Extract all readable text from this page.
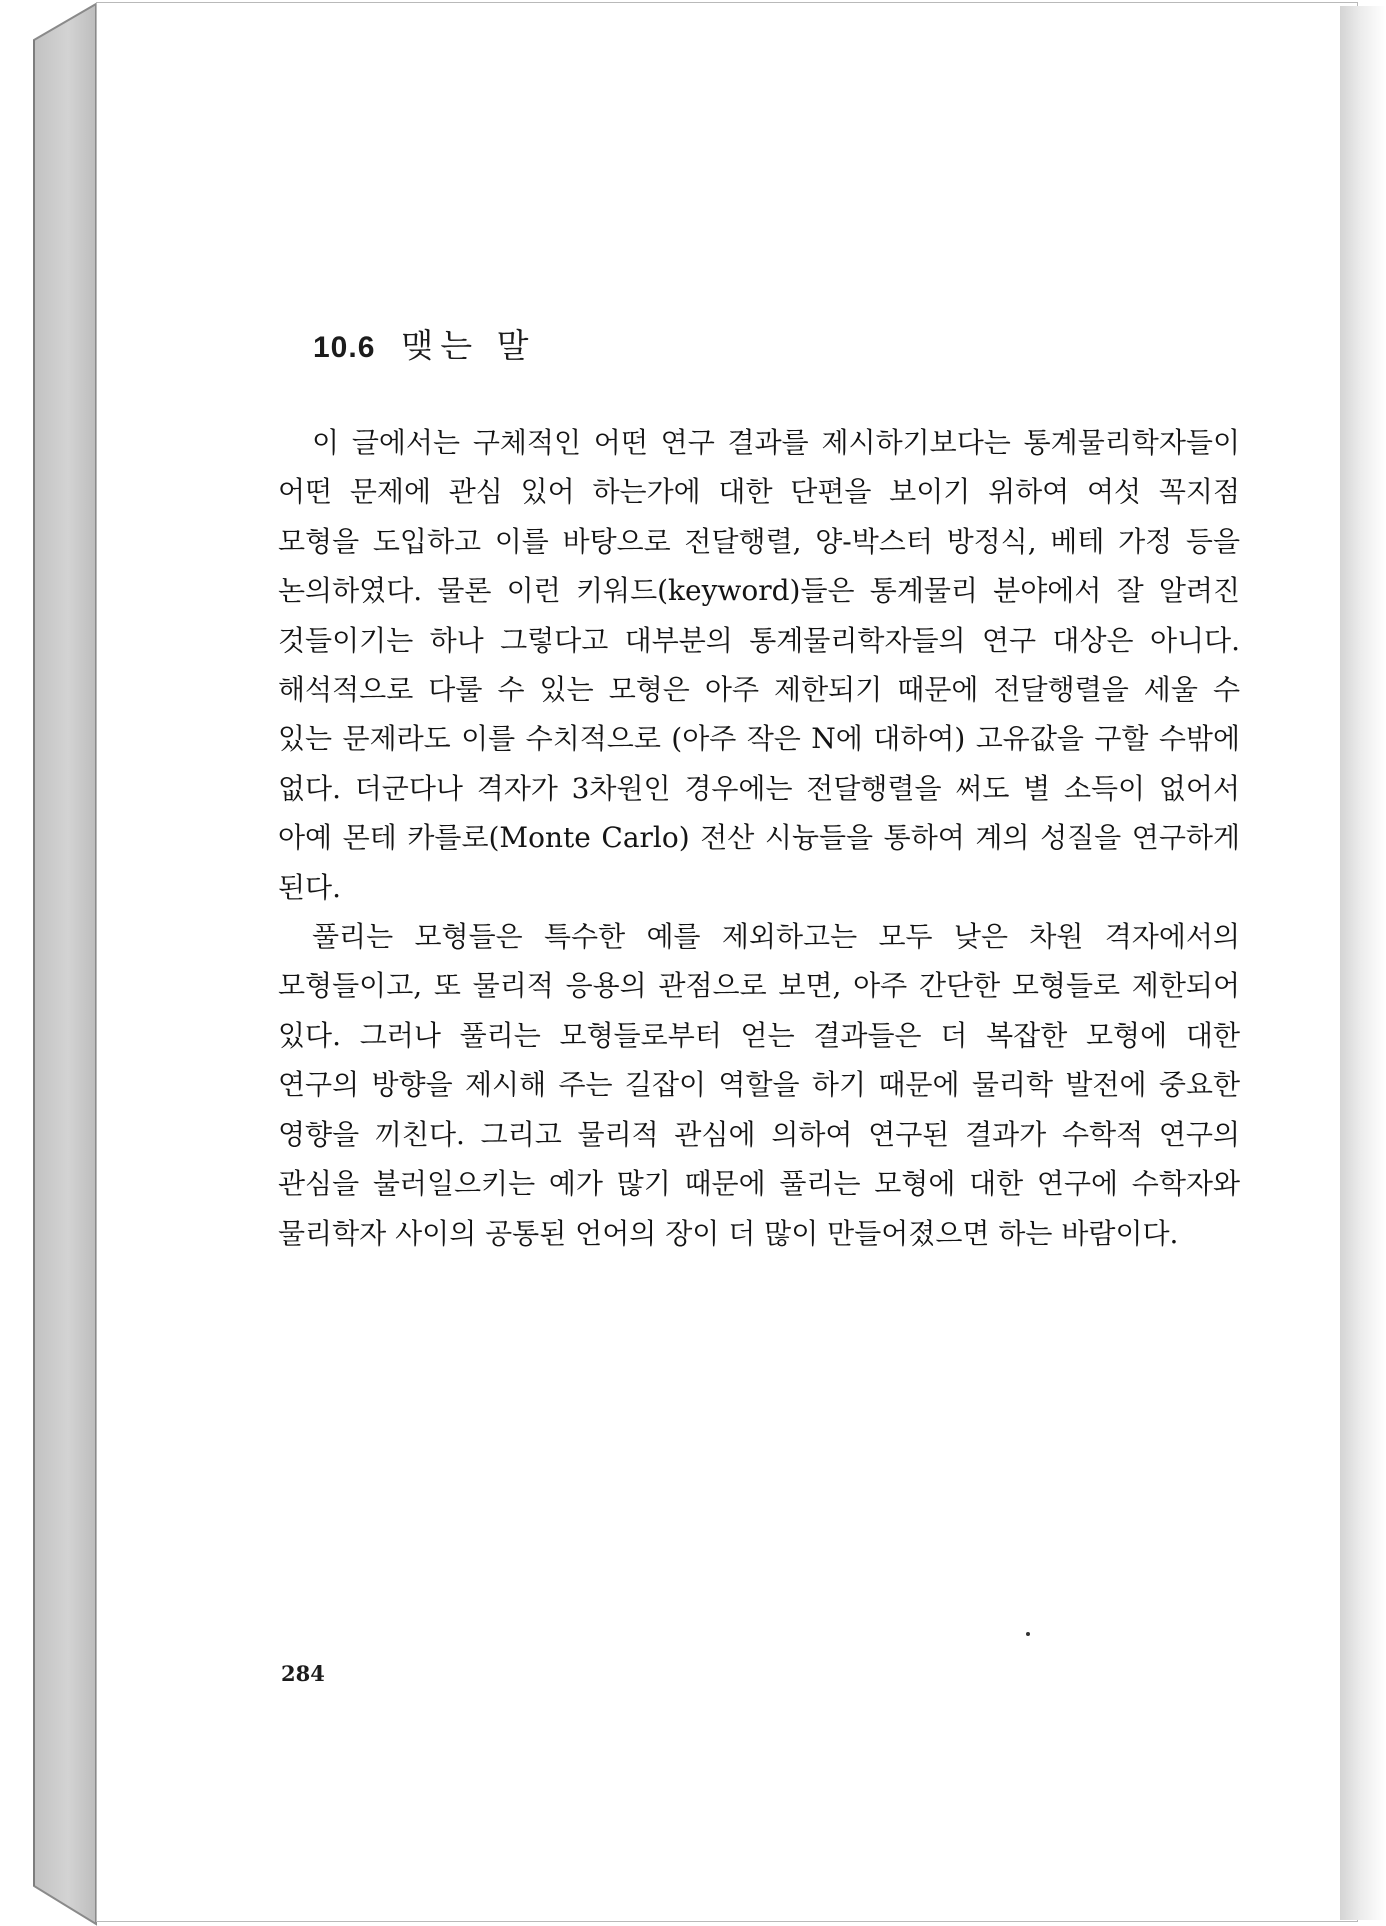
10.6 맺는 말

이 글에서는 구체적인 어떤 연구 결과를 제시하기보다는 통계물리학자들이 어떤 문제에 관심 있어 하는가에 대한 단편을 보이기 위하여 여섯 꼭지점 모형을 도입하고 이를 바탕으로 전달행렬, 양-박스터 방정식, 베테 가정 등을 논의하였다. 물론 이런 키워드(keyword)들은 통계물리 분야에서 잘 알려진 것들이기는 하나 그렇다고 대부분의 통계물리학자들의 연구 대상은 아니다. 해석적으로 다룰 수 있는 모형은 아주 제한되기 때문에 전달행렬을 세울 수 있는 문제라도 이를 수치적으로 (아주 작은 N에 대하여) 고유값을 구할 수밖에 없다. 더군다나 격자가 3차원인 경우에는 전달행렬을 써도 별 소득이 없어서 아예 몬테 카를로(Monte Carlo) 전산 시늉들을 통하여 계의 성질을 연구하게 된다.

풀리는 모형들은 특수한 예를 제외하고는 모두 낮은 차원 격자에서의 모형들이고, 또 물리적 응용의 관점으로 보면, 아주 간단한 모형들로 제한되어 있다. 그러나 풀리는 모형들로부터 얻는 결과들은 더 복잡한 모형에 대한 연구의 방향을 제시해 주는 길잡이 역할을 하기 때문에 물리학 발전에 중요한 영향을 끼친다. 그리고 물리적 관심에 의하여 연구된 결과가 수학적 연구의 관심을 불러일으키는 예가 많기 때문에 풀리는 모형에 대한 연구에 수학자와 물리학자 사이의 공통된 언어의 장이 더 많이 만들어졌으면 하는 바람이다.

284
